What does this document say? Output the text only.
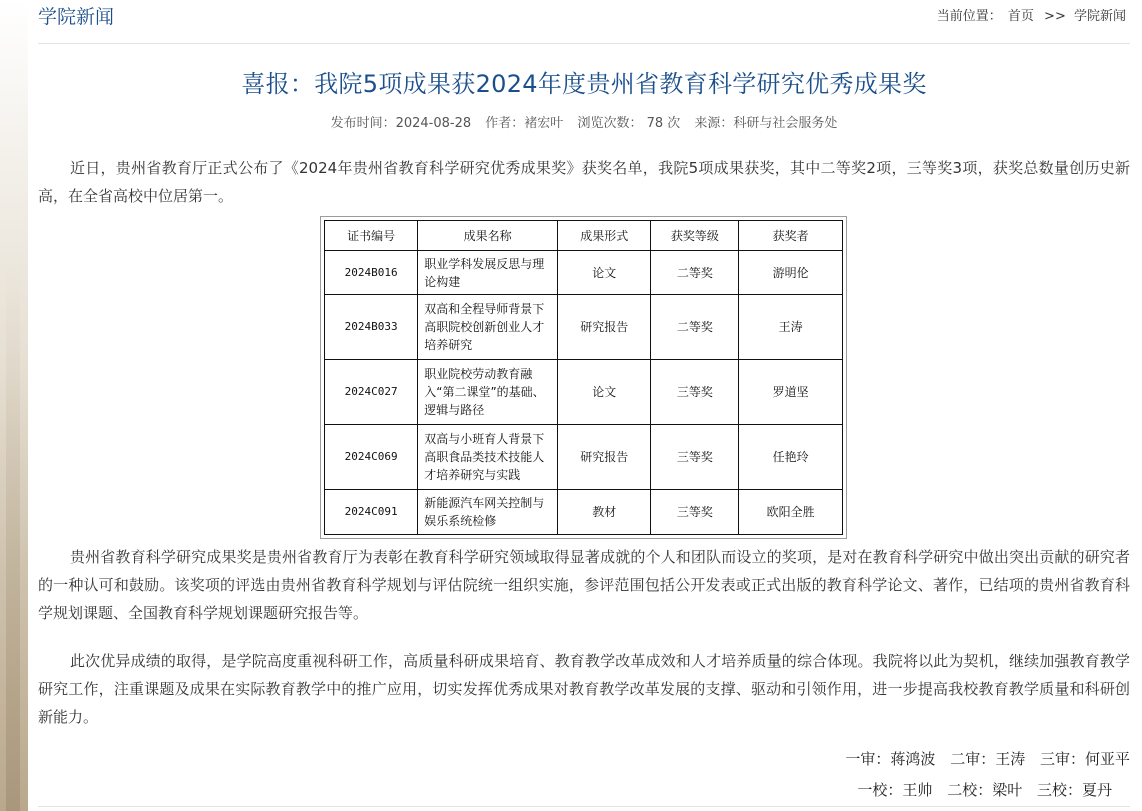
学院新闻	当前位置： 首页 >> 学院新闻
喜报：我院5项成果获2024年度贵州省教育科学研究优秀成果奖
发布时间：2024-08-28 作者：褚宏叶 浏览次数： 78 次 来源：科研与社会服务处

近日，贵州省教育厅正式公布了《2024年贵州省教育科学研究优秀成果奖》获奖名单，我院5项成果获奖，其中二等奖2项，三等奖3项，获奖总数量创历史新高，在全省高校中位居第一。

证书编号	成果名称	成果形式	获奖等级	获奖者
2024B016	职业学科发展反思与理论构建	论文	二等奖	游明伦
2024B033	双高和全程导师背景下高职院校创新创业人才培养研究	研究报告	二等奖	王涛
2024C027	职业院校劳动教育融入“第二课堂”的基础、逻辑与路径	论文	三等奖	罗道坚
2024C069	双高与小班育人背景下高职食品类技术技能人才培养研究与实践	研究报告	三等奖	任艳玲
2024C091	新能源汽车网关控制与娱乐系统检修	教材	三等奖	欧阳全胜

贵州省教育科学研究成果奖是贵州省教育厅为表彰在教育科学研究领域取得显著成就的个人和团队而设立的奖项，是对在教育科学研究中做出突出贡献的研究者的一种认可和鼓励。该奖项的评选由贵州省教育科学规划与评估院统一组织实施，参评范围包括公开发表或正式出版的教育科学论文、著作，已结项的贵州省教育科学规划课题、全国教育科学规划课题研究报告等。

此次优异成绩的取得，是学院高度重视科研工作，高质量科研成果培育、教育教学改革成效和人才培养质量的综合体现。我院将以此为契机，继续加强教育教学研究工作，注重课题及成果在实际教育教学中的推广应用，切实发挥优秀成果对教育教学改革发展的支撑、驱动和引领作用，进一步提高我校教育教学质量和科研创新能力。

一审：蒋鸿波 二审：王涛 三审：何亚平
一校：王帅 二校：梁叶 三校：夏丹
